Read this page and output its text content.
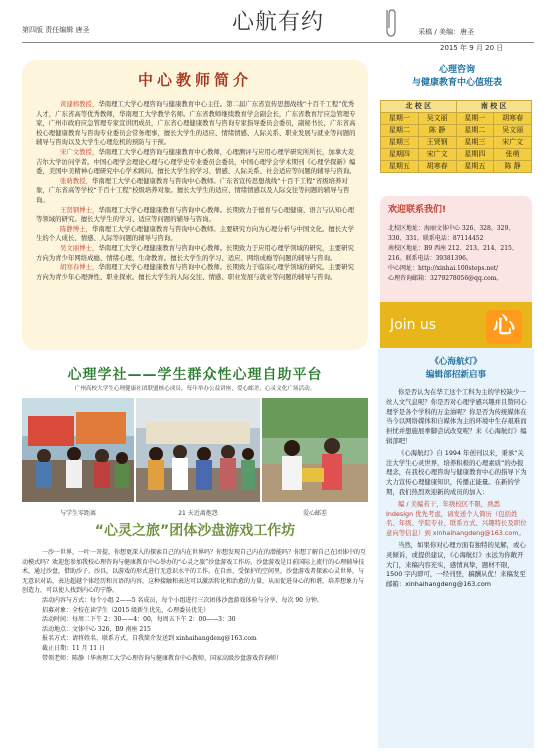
第四版 责任编辑 唐圣	心航有约	采稿 / 美编：唐圣
2015 年 9 月 20 日
中心教师简介

黄建榕教授，华南理工大学心理咨询与健康教育中心主任。第二届广东省宣传思想战线“十百千工程”优秀人才，广东省高等优秀教师，华南理工大学教学名师。广东省教师继续教育学会副会长，广东省教育厅应急管理专家，广州市政府应急管理专家宣讲团成员，广东省心理健康教育与咨询专家指导委员会委员，副秘书长，广东省高校心理健康教育与咨询专业委员会常务理事，擅长大学生的适应、情绪情感、人际关系、职业发展与就业等问题的辅导与咨询以及大学生心理危机的预防与干预。

宋广文教授，华南理工大学心理咨询与健康教育中心教师，心理测评与应用心理学研究所所长，加拿大麦吉尔大学访问学者。中国心理学会理论心理与心理学史专业委员会委员，中国心理学会学术期刊《心理学探新》编委，美国中美精神心理研究中心学术顾问。擅长大学生的学习、情感、人际关系、社会适应等问题的辅导与咨询。

张萌教授，华南理工大学心理健康教育与咨询中心教师。广东省宣传思想战线“十百千工程”省级培养对象，广东省高等学校“千百十工程”校级培养对象。擅长大学生的适应、情绪情感以及人际交往等问题的辅导与咨询。

王贤钢博士，华南理工大学心理健康教育与咨询中心教师。长期致力于德育与心理健康、语言与认知心理等领域的研究。擅长大学生的学习、适应等问题的辅导与咨询。

陈静博士，华南理工大学心理健康教育与咨询中心教师。主要研究方向为心理分析与中国文化。擅长大学生的个人成长、情感、人际等问题的辅导与咨询。

吴文丽博士，华南理工大学心理健康教育与咨询中心教师。长期致力于应用心理学领域的研究，主要研究方向为青少年网络成瘾、情绪心理、生命教育。擅长大学生的学习、适应、网络成瘾等问题的辅导与咨询。

胡寒春博士，华南理工大学心理健康教育与咨询中心教师。长期致力于临床心理学领域的研究。主要研究方向为青少年心理弹性、职业探索。擅长大学生的人际交往、情感、职业发展与就业等问题的辅导与咨询。

心理咨询
与健康教育中心值班表
北 校 区		南 校 区	
星期一	吴文丽	星期一	胡寒春
星期二	陈 静	星期二	吴文丽
星期三	王贤钢	星期三	宋广文
星期四	宋广文	星期四	张萌
星期五	胡寒春	星期五	陈 静
欢迎联系我们!
北校区地址：海丽文体中心 326、328、329、330、331。联系电话：87114452
南校区地址：B9 西座 212、213、214、215、216。联系电话：39381396。
中心网址：http://xinhai.100steps.net/
心理咨询邮箱：3279278056@qq.com。
Join us	心
心理学社——学生群众性心理自助平台
广州高校大学生心理健康社团联盟核心成员，每年举办公益讲座，爱心邮差，心灵文化广场活动。
与学生零距离	21 天近离抱怨	爱心邮差
“心灵之旅”团体沙盘游戏工作坊

一沙一世界，一叶一菩提，你想更深入的探索自己的内在世界吗？你想发现自己内在的潜能吗？你想了解自己在团体中的互动模式吗？欢迎您参加我校心理咨询与健康教育中心举办的“心灵之旅”沙盘游戏工作坊。沙盘游戏是目前国际上流行的心理辅导技术，通过沙盘，借助沙子、沙具，以游戏的形式进行无意识水平的工作。在自由、受保护的空间里，沙盘游戏者探索心灵世界，与无意识对话，表达超越个体经历和言语的内容，这种接触和表达可以激活转化和治愈的力量，从而促进身心的和谐，培养想象力与创造力，可以使人找到内心的宁静。

活动内容与方式：每个小组 2——5 名成员，每个小组进行三次团体沙盘游戏体验与分享，每次 90 分钟。

招募对象：全校在读学生（2015 级新生优先，心理委员优先）

活动时间：每周二下午 2：30——4：00，每周五下午 2：00——3：30

活动地点：文体中心 326，B9 南座 215

报名方式：请将姓名、联系方式、自我简介发送到 xinhaihangdeng@163.com

截止日期：11 月 11 日

带领老师：陈静（华南理工大学心理咨询与健康教育中心教师，国家高级沙盘游戏咨询师）

《心海航灯》
编辑部招新启事

你是否认为在华工这个工科为主的学校缺少一丝人文气息呢？你是否对心理学感兴趣并且赞同心理学是各个学科的万金油呢？你是否为传统媒体在当今以网络媒体和自媒体为主的环境中生存艰难而担忧并想施展拳脚尝试改变呢？来《心海航灯》编辑部吧！

《心海航灯》自 1994 年创刊以来，秉承“关注大学生心灵世界，培养积极的心理素质”的办报理念，在我校心理咨询与健康教育中心的指导下为大力宣传心理健康知识，传播正能量。在新的学期，我们热烈欢迎新的成员的加入：

编 / 美编若干，年级校区不限，熟悉 Indesign 优先考虑，请发送个人简历（包括姓名、年级、学院专业、联系方式、兴趣特长及职位意向等信息）到 xinhaihangdeng@163.com。

当然，如果你对心理方面有独特的见解，或心灵倾诉，或提供建议，《心海航灯》永远为你敞开大门，来稿内容充实，感情真挚，题材不限，1500 字内即可，一经刊登，稿酬从优！来稿发至邮箱：xinhaihangdeng@163.com
